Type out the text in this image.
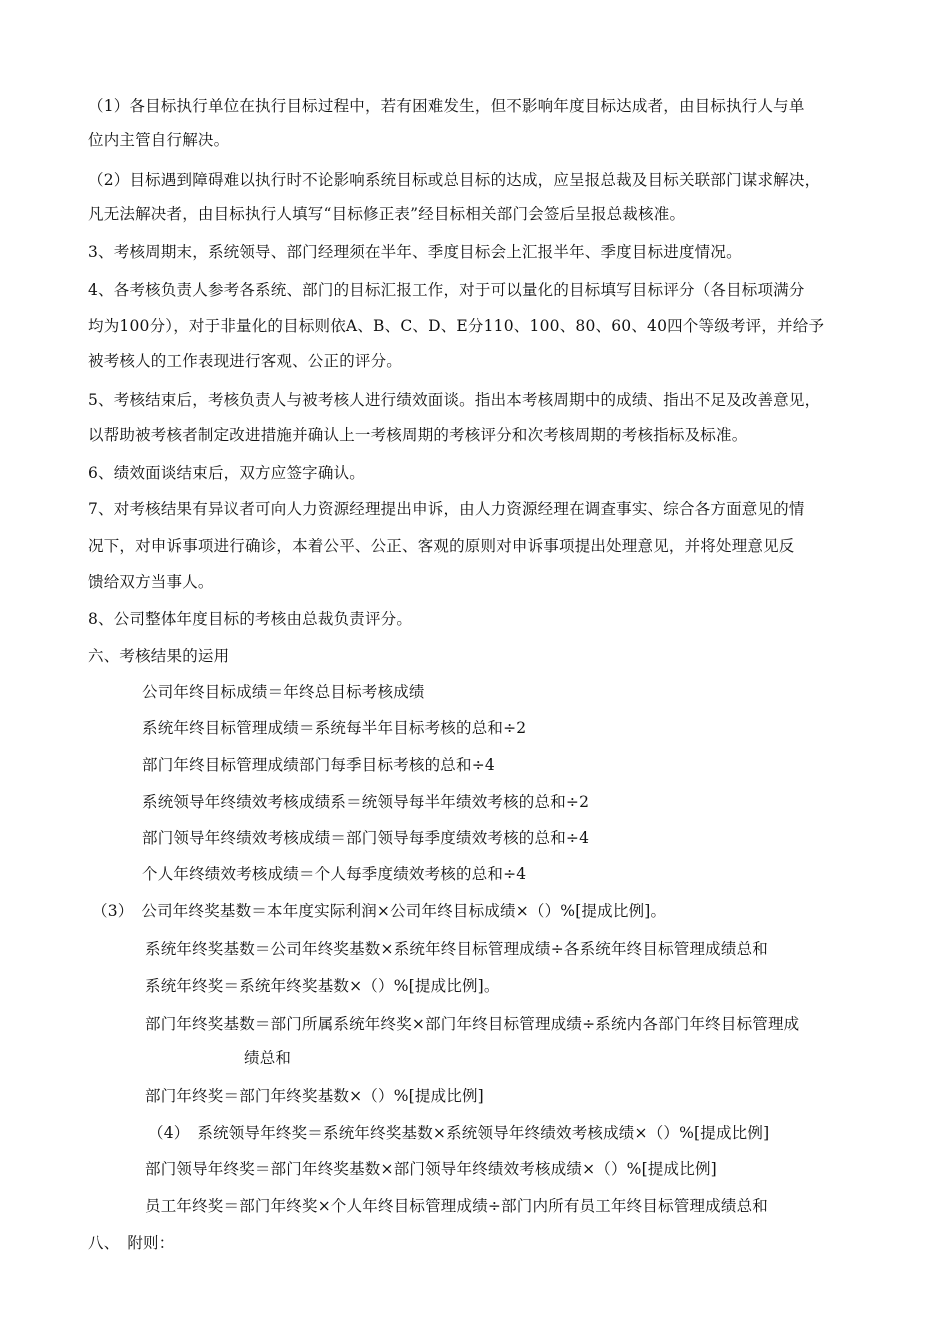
（1）各目标执行单位在执行目标过程中，若有困难发生，但不影响年度目标达成者，由目标执行人与单
位内主管自行解决。
（2）目标遇到障碍难以执行时不论影响系统目标或总目标的达成，应呈报总裁及目标关联部门谋求解决，
凡无法解决者，由目标执行人填写“目标修正表”经目标相关部门会签后呈报总裁核准。
3、考核周期末，系统领导、部门经理须在半年、季度目标会上汇报半年、季度目标进度情况。
4、各考核负责人参考各系统、部门的目标汇报工作，对于可以量化的目标填写目标评分（各目标项满分
均为100分），对于非量化的目标则依A、B、C、D、E分110、100、80、60、40四个等级考评，并给予
被考核人的工作表现进行客观、公正的评分。
5、考核结束后，考核负责人与被考核人进行绩效面谈。指出本考核周期中的成绩、指出不足及改善意见，
以帮助被考核者制定改进措施并确认上一考核周期的考核评分和次考核周期的考核指标及标准。
6、绩效面谈结束后，双方应签字确认。
7、对考核结果有异议者可向人力资源经理提出申诉，由人力资源经理在调查事实、综合各方面意见的情
况下，对申诉事项进行确诊，本着公平、公正、客观的原则对申诉事项提出处理意见，并将处理意见反
馈给双方当事人。
8、公司整体年度目标的考核由总裁负责评分。
六、考核结果的运用
公司年终目标成绩＝年终总目标考核成绩
系统年终目标管理成绩＝系统每半年目标考核的总和÷2
部门年终目标管理成绩部门每季目标考核的总和÷4
系统领导年终绩效考核成绩系＝统领导每半年绩效考核的总和÷2
部门领导年终绩效考核成绩＝部门领导每季度绩效考核的总和÷4
个人年终绩效考核成绩＝个人每季度绩效考核的总和÷4
（3）　公司年终奖基数＝本年度实际利润×公司年终目标成绩×（）%[提成比例]。
系统年终奖基数＝公司年终奖基数×系统年终目标管理成绩÷各系统年终目标管理成绩总和
系统年终奖＝系统年终奖基数×（）%[提成比例]。
部门年终奖基数＝部门所属系统年终奖×部门年终目标管理成绩÷系统内各部门年终目标管理成
绩总和
部门年终奖＝部门年终奖基数×（）%[提成比例]
（4）　系统领导年终奖＝系统年终奖基数×系统领导年终绩效考核成绩×（）%[提成比例]
部门领导年终奖＝部门年终奖基数×部门领导年终绩效考核成绩×（）%[提成比例]
员工年终奖＝部门年终奖×个人年终目标管理成绩÷部门内所有员工年终目标管理成绩总和
八、　附则：
